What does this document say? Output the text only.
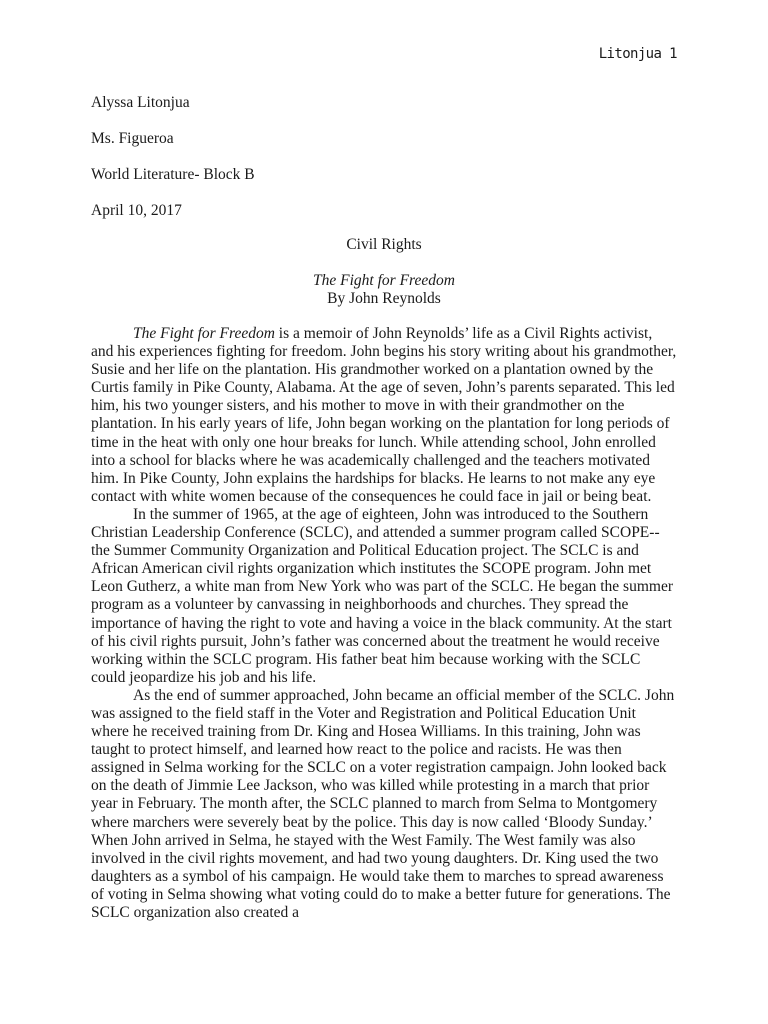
Litonjua 1
Alyssa Litonjua
Ms. Figueroa
World Literature- Block B
April 10, 2017
Civil Rights
The Fight for Freedom
By John Reynolds

The Fight for Freedom is a memoir of John Reynolds’ life as a Civil Rights activist, and his experiences fighting for freedom. John begins his story writing about his grandmother, Susie and her life on the plantation. His grandmother worked on a plantation owned by the Curtis family in Pike County, Alabama. At the age of seven, John’s parents separated. This led him, his two younger sisters, and his mother to move in with their grandmother on the plantation. In his early years of life, John began working on the plantation for long periods of time in the heat with only one hour breaks for lunch. While attending school, John enrolled into a school for blacks where he was academically challenged and the teachers motivated him. In Pike County, John explains the hardships for blacks. He learns to not make any eye contact with white women because of the consequences he could face in jail or being beat.

In the summer of 1965, at the age of eighteen, John was introduced to the Southern Christian Leadership Conference (SCLC), and attended a summer program called SCOPE--the Summer Community Organization and Political Education project. The SCLC is and African American civil rights organization which institutes the SCOPE program. John met Leon Gutherz, a white man from New York who was part of the SCLC. He began the summer program as a volunteer by canvassing in neighborhoods and churches. They spread the importance of having the right to vote and having a voice in the black community. At the start of his civil rights pursuit, John’s father was concerned about the treatment he would receive working within the SCLC program. His father beat him because working with the SCLC could jeopardize his job and his life.

As the end of summer approached, John became an official member of the SCLC. John was assigned to the field staff in the Voter and Registration and Political Education Unit where he received training from Dr. King and Hosea Williams. In this training, John was taught to protect himself, and learned how react to the police and racists. He was then assigned in Selma working for the SCLC on a voter registration campaign. John looked back on the death of Jimmie Lee Jackson, who was killed while protesting in a march that prior year in February. The month after, the SCLC planned to march from Selma to Montgomery where marchers were severely beat by the police. This day is now called ‘Bloody Sunday.’ When John arrived in Selma, he stayed with the West Family. The West family was also involved in the civil rights movement, and had two young daughters. Dr. King used the two daughters as a symbol of his campaign. He would take them to marches to spread awareness of voting in Selma showing what voting could do to make a better future for generations. The SCLC organization also created a
